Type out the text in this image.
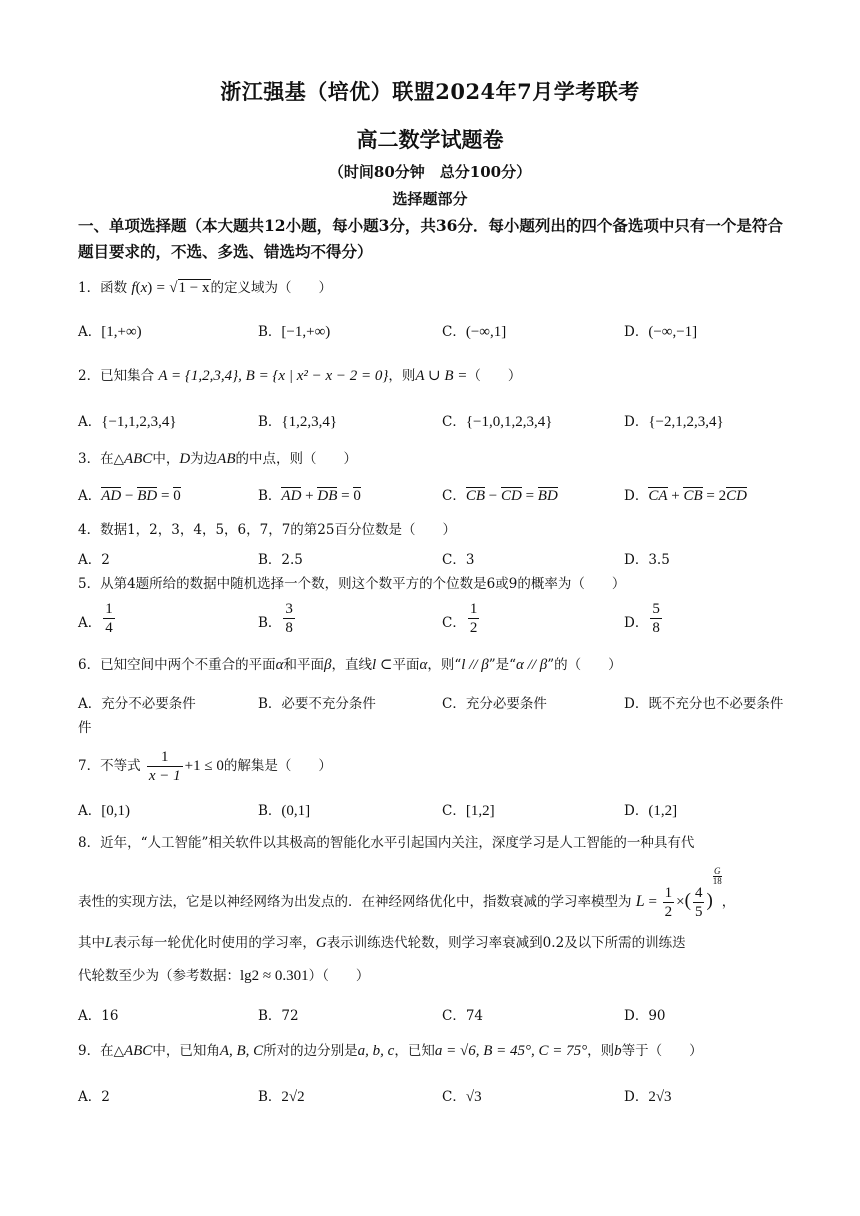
浙江强基（培优）联盟2024年7月学考联考
高二数学试题卷
（时间80分钟　总分100分）
选择题部分
一、单项选择题（本大题共12小题，每小题3分，共36分．每小题列出的四个备选项中只有一个是符合题目要求的，不选、多选、错选均不得分）
1．函数 f(x) = √1 − x的定义域为（　　）
A．[1,+∞)	B．[−1,+∞)	C．(−∞,1]	D．(−∞,−1]
2．已知集合 A = {1,2,3,4}, B = {x | x² − x − 2 = 0}，则A ∪ B =（　　）
A．{−1,1,2,3,4}	B．{1,2,3,4}	C．{−1,0,1,2,3,4}	D．{−2,1,2,3,4}
3．在△ABC中，D为边AB的中点，则（　　）
A．AD − BD = 0	B．AD + DB = 0	C．CB − CD = BD	D．CA + CB = 2CD
4．数据1，2，3，4，5，6，7，7的第25百分位数是（　　）
A．2	B．2.5	C．3	D．3.5
5．从第4题所给的数据中随机选择一个数，则这个数平方的个位数是6或9的概率为（　　）
A． $\frac{1}{4}$	B． $\frac{3}{8}$	C． $\frac{1}{2}$	D． $\frac{5}{8}$
6．已知空间中两个不重合的平面α和平面β，直线l ⊂平面α，则“l // β”是“α // β”的（　　）
A．充分不必要条件	B．必要不充分条件	C．充分必要条件	D．既不充分也不必要条件
件
7．不等式 $\frac{1}{x - 1} +1 \le 0$的解集是（　　）
A．[0,1)	B．(0,1]	C．[1,2]	D．(1,2]
8．近年，“人工智能”相关软件以其极高的智能化水平引起国内关注，深度学习是人工智能的一种具有代
表性的实现方法，它是以神经网络为出发点的．在神经网络优化中，指数衰减的学习率模型为 $L = \frac{1}{2}$ ×( $\frac{4}{5}$ )
G
18，
其中L表示每一轮优化时使用的学习率，G表示训练迭代轮数，则学习率衰减到0.2及以下所需的训练迭
代轮数至少为（参考数据：lg2 ≈ 0.301）（　　）
A．16	B．72	C．74	D．90
9．在△ABC中，已知角A, B, C所对的边分别是a, b, c，已知a = √6, B = 45°, C = 75°，则b等于（　　）
A．2	B．2√2	C．√3	D．2√3
